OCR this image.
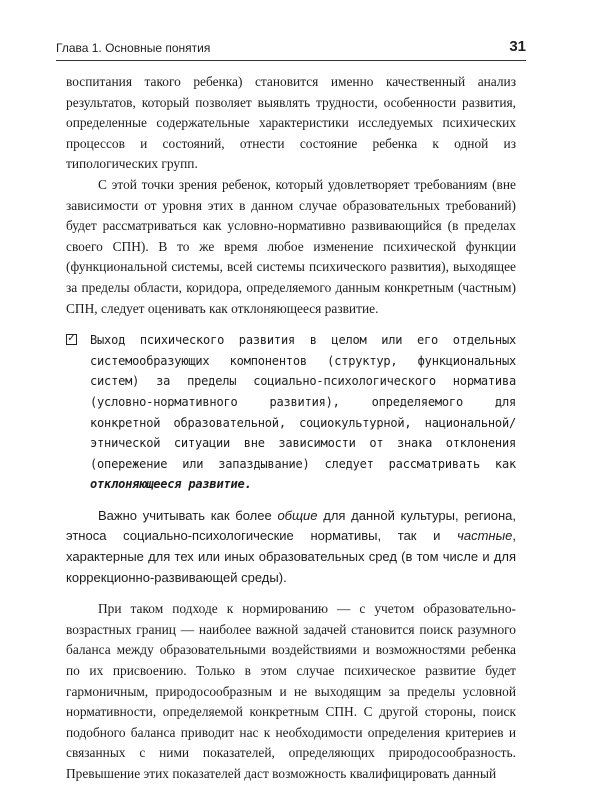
Глава 1. Основные понятия	31

воспитания такого ребенка) становится именно качественный анализ результатов, который позволяет выявлять трудности, особенности развития, определенные содержательные характеристики исследуемых психических процессов и состояний, отнести состояние ребенка к одной из типологических групп.

С этой точки зрения ребенок, который удовлетворяет требованиям (вне зависимости от уровня этих в данном случае образовательных требований) будет рассматриваться как условно-нормативно развивающийся (в пределах своего СПН). В то же время любое изменение психической функции (функциональной системы, всей системы психического развития), выходящее за пределы области, коридора, определяемого данным конкретным (частным) СПН, следует оценивать как отклоняющееся развитие.

✓ Выход психического развития в целом или его отдельных системообразующих компонентов (структур, функциональных систем) за пределы социально-психологического норматива (условно-нормативного развития), определяемого для конкретной образовательной, социокультурной, национальной/этнической ситуации вне зависимости от знака отклонения (опережение или запаздывание) следует рассматривать как отклоняющееся развитие.

Важно учитывать как более общие для данной культуры, региона, этноса социально-психологические нормативы, так и частные, характерные для тех или иных образовательных сред (в том числе и для коррекционно-развивающей среды).

При таком подходе к нормированию — с учетом образовательно-возрастных границ — наиболее важной задачей становится поиск разумного баланса между образовательными воздействиями и возможностями ребенка по их присвоению. Только в этом случае психическое развитие будет гармоничным, природосообразным и не выходящим за пределы условной нормативности, определяемой конкретным СПН. С другой стороны, поиск подобного баланса приводит нас к необходимости определения критериев и связанных с ними показателей, определяющих природосообразность. Превышение этих показателей даст возможность квалифицировать данный
